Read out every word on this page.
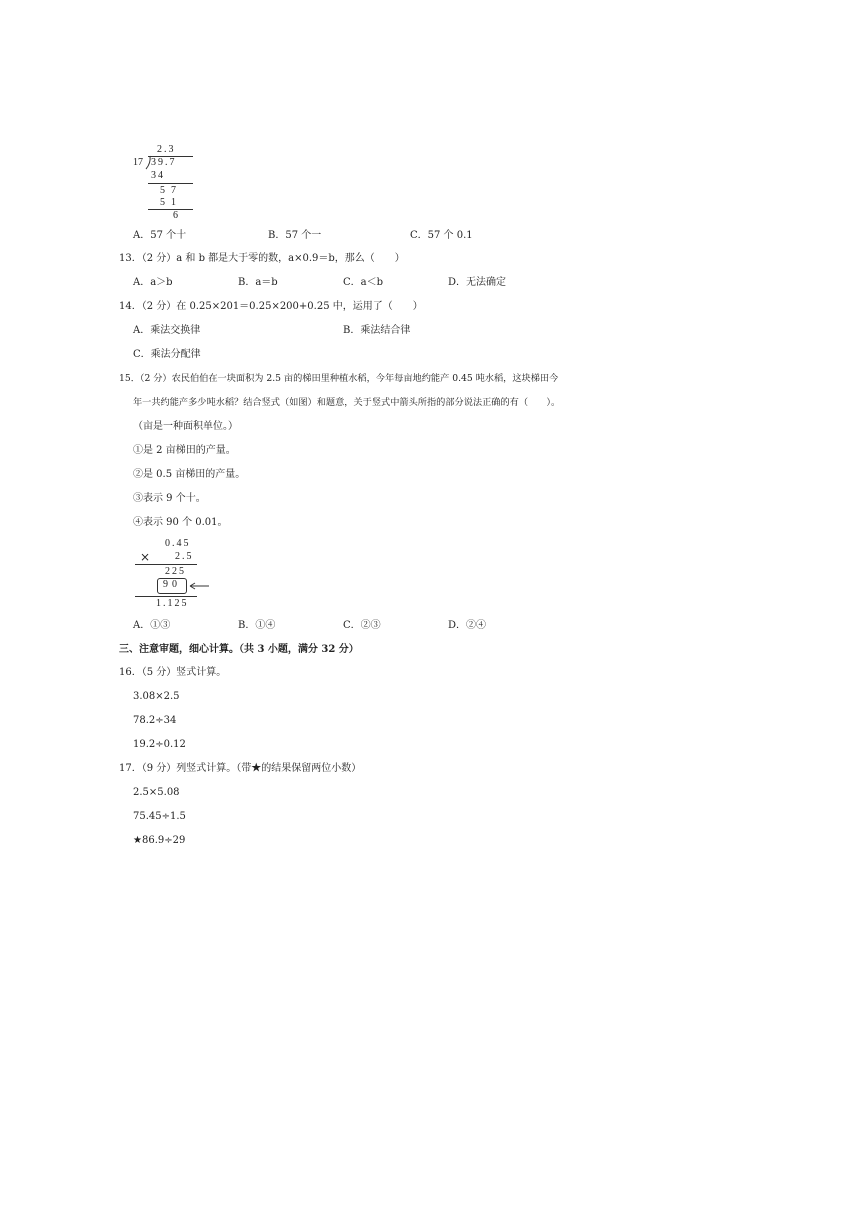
2.3
17 39.7
34
57
51
6
A．57 个十	B．57 个一	C．57 个 0.1
13．（2 分）a 和 b 都是大于零的数，a×0.9＝b，那么（　　）
A．a＞b	B．a＝b	C．a＜b	D．无法确定
14．（2 分）在 0.25×201＝0.25×200+0.25 中，运用了（　　）
A．乘法交换律	B．乘法结合律
C．乘法分配律
15．（2 分）农民伯伯在一块面积为 2.5 亩的梯田里种植水稻，今年每亩地约能产 0.45 吨水稻，这块梯田今
年一共约能产多少吨水稻？结合竖式（如图）和题意，关于竖式中箭头所指的部分说法正确的有（　　）。
（亩是一种面积单位。）
①是 2 亩梯田的产量。
②是 0.5 亩梯田的产量。
③表示 9 个十。
④表示 90 个 0.01。
0.45
× 2.5
225
90
1.125
A．①③	B．①④	C．②③	D．②④
三、注意审题，细心计算。（共 3 小题，满分 32 分）
16．（5 分）竖式计算。
3.08×2.5
78.2÷34
19.2÷0.12
17．（9 分）列竖式计算。（带★的结果保留两位小数）
2.5×5.08
75.45÷1.5
★86.9÷29
